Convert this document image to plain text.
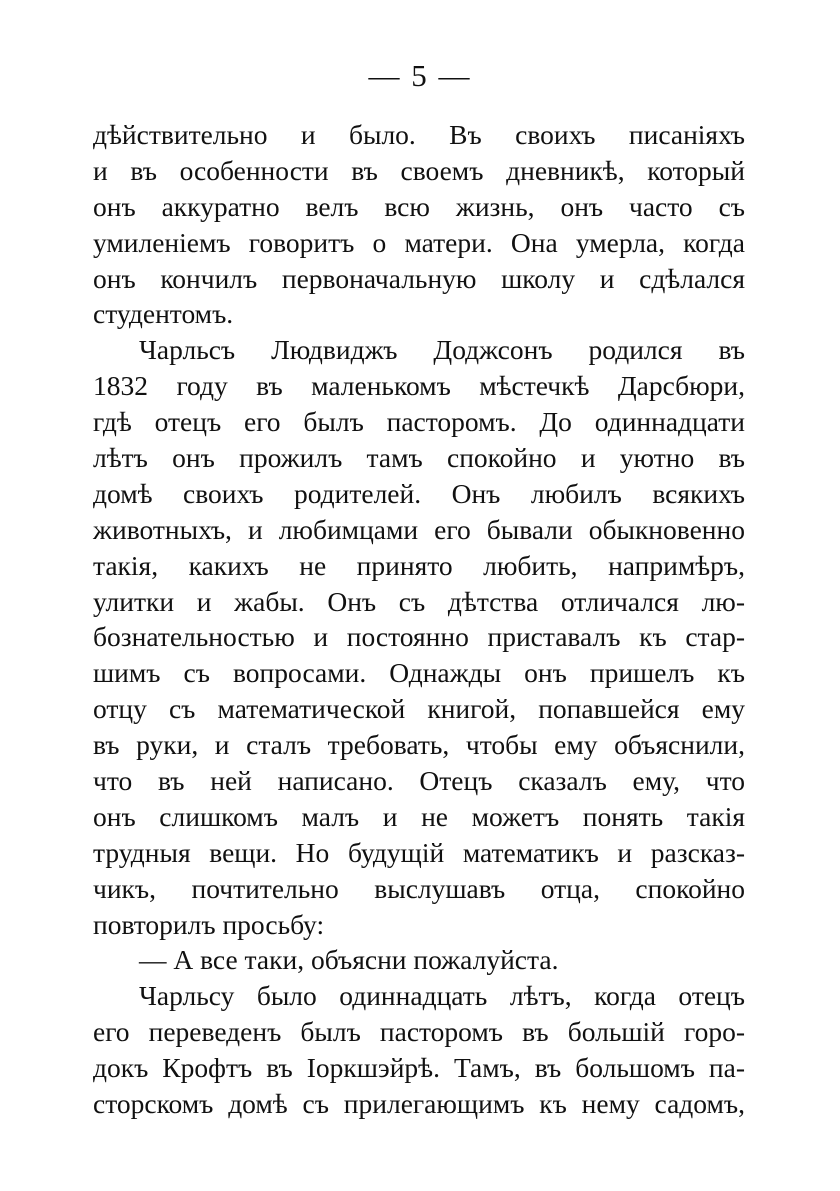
— 5 —
дѣйствительно и было. Въ своихъ писаніяхъ
и въ особенности въ своемъ дневникѣ, который
онъ аккуратно велъ всю жизнь, онъ часто съ
умиленіемъ говоритъ о матери. Она умерла, когда
онъ кончилъ первоначальную школу и сдѣлался
студентомъ.
Чарльсъ Людвиджъ Доджсонъ родился въ
1832 году въ маленькомъ мѣстечкѣ Дарсбюри,
гдѣ отецъ его былъ пасторомъ. До одиннадцати
лѣтъ онъ прожилъ тамъ спокойно и уютно въ
домѣ своихъ родителей. Онъ любилъ всякихъ
животныхъ, и любимцами его бывали обыкновенно
такія, какихъ не принято любить, напримѣръ,
улитки и жабы. Онъ съ дѣтства отличался лю-
бознательностью и постоянно приставалъ къ стар-
шимъ съ вопросами. Однажды онъ пришелъ къ
отцу съ математической книгой, попавшейся ему
въ руки, и сталъ требовать, чтобы ему объяснили,
что въ ней написано. Отецъ сказалъ ему, что
онъ слишкомъ малъ и не можетъ понять такія
трудныя вещи. Но будущій математикъ и разсказ-
чикъ, почтительно выслушавъ отца, спокойно
повторилъ просьбу:
— А все таки, объясни пожалуйста.
Чарльсу было одиннадцать лѣтъ, когда отецъ
его переведенъ былъ пасторомъ въ большій горо-
докъ Крофтъ въ Іоркшэйрѣ. Тамъ, въ большомъ па-
сторскомъ домѣ съ прилегающимъ къ нему садомъ,
